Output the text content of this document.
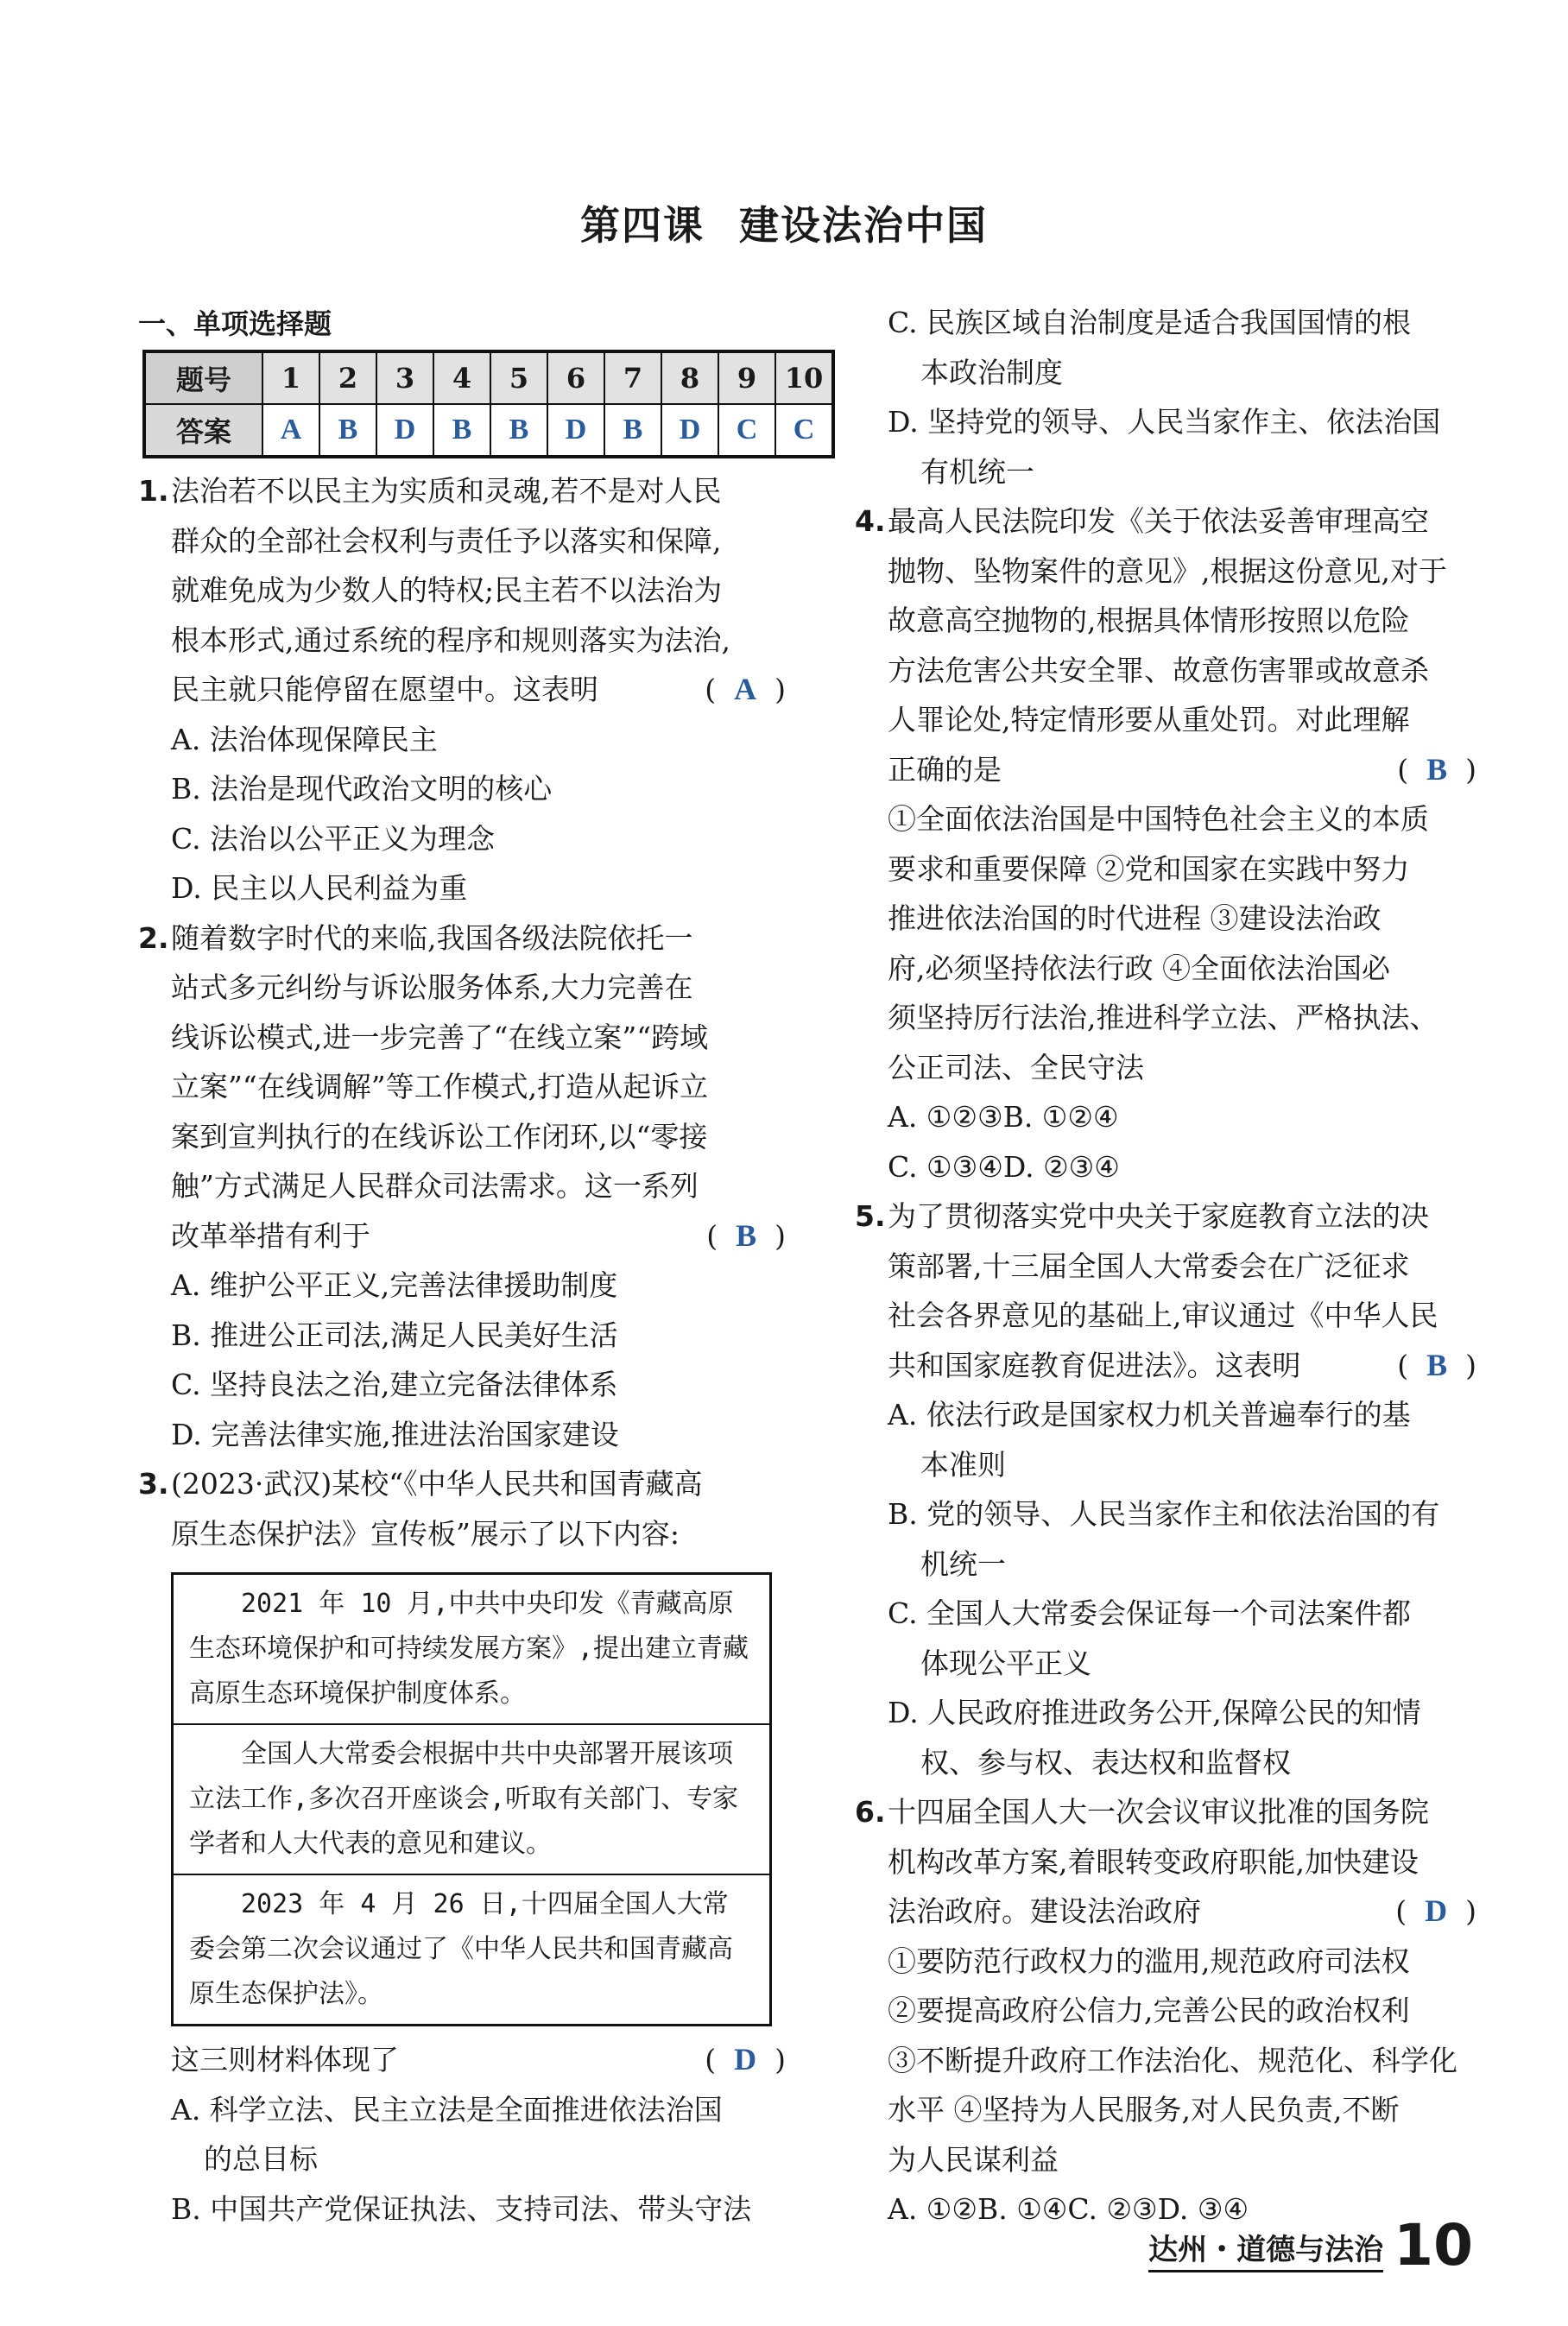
第四课 建设法治中国
一、单项选择题
题号	1	2	3	4	5	6	7	8	9	10
答案	A	B	D	B	B	D	B	D	C	C
1. 法治若不以民主为实质和灵魂,若不是对人民
群众的全部社会权利与责任予以落实和保障,
就难免成为少数人的特权;民主若不以法治为
根本形式,通过系统的程序和规则落实为法治,
民主就只能停留在愿望中。这表明	(  A  )
A. 法治体现保障民主
B. 法治是现代政治文明的核心
C. 法治以公平正义为理念
D. 民主以人民利益为重
2. 随着数字时代的来临,我国各级法院依托一
站式多元纠纷与诉讼服务体系,大力完善在
线诉讼模式,进一步完善了“在线立案”“跨域
立案”“在线调解”等工作模式,打造从起诉立
案到宣判执行的在线诉讼工作闭环,以“零接
触”方式满足人民群众司法需求。这一系列
改革举措有利于	(  B  )
A. 维护公平正义,完善法律援助制度
B. 推进公正司法,满足人民美好生活
C. 坚持良法之治,建立完备法律体系
D. 完善法律实施,推进法治国家建设
3. (2023·武汉)某校“《中华人民共和国青藏高
原生态保护法》宣传板”展示了以下内容:
2021 年 10 月,中共中央印发《青藏高原生态环境保护和可持续发展方案》,提出建立青藏高原生态环境保护制度体系。
全国人大常委会根据中共中央部署开展该项立法工作,多次召开座谈会,听取有关部门、专家学者和人大代表的意见和建议。
2023 年 4 月 26 日,十四届全国人大常委会第二次会议通过了《中华人民共和国青藏高原生态保护法》。
这三则材料体现了	(  D  )
A. 科学立法、民主立法是全面推进依法治国
的总目标
B. 中国共产党保证执法、支持司法、带头守法
C. 民族区域自治制度是适合我国国情的根
本政治制度
D. 坚持党的领导、人民当家作主、依法治国
有机统一
4. 最高人民法院印发《关于依法妥善审理高空
抛物、坠物案件的意见》,根据这份意见,对于
故意高空抛物的,根据具体情形按照以危险
方法危害公共安全罪、故意伤害罪或故意杀
人罪论处,特定情形要从重处罚。对此理解
正确的是	(  B  )
①全面依法治国是中国特色社会主义的本质
要求和重要保障 ②党和国家在实践中努力
推进依法治国的时代进程 ③建设法治政
府,必须坚持依法行政 ④全面依法治国必
须坚持厉行法治,推进科学立法、严格执法、
公正司法、全民守法
A. ①②③B. ①②④
C. ①③④D. ②③④
5. 为了贯彻落实党中央关于家庭教育立法的决
策部署,十三届全国人大常委会在广泛征求
社会各界意见的基础上,审议通过《中华人民
共和国家庭教育促进法》。这表明	(  B  )
A. 依法行政是国家权力机关普遍奉行的基
本准则
B. 党的领导、人民当家作主和依法治国的有
机统一
C. 全国人大常委会保证每一个司法案件都
体现公平正义
D. 人民政府推进政务公开,保障公民的知情
权、参与权、表达权和监督权
6. 十四届全国人大一次会议审议批准的国务院
机构改革方案,着眼转变政府职能,加快建设
法治政府。建设法治政府	(  D  )
①要防范行政权力的滥用,规范政府司法权
②要提高政府公信力,完善公民的政治权利
③不断提升政府工作法治化、规范化、科学化
水平 ④坚持为人民服务,对人民负责,不断
为人民谋利益
A. ①②B. ①④C. ②③D. ③④
达州・道德与法治 10
